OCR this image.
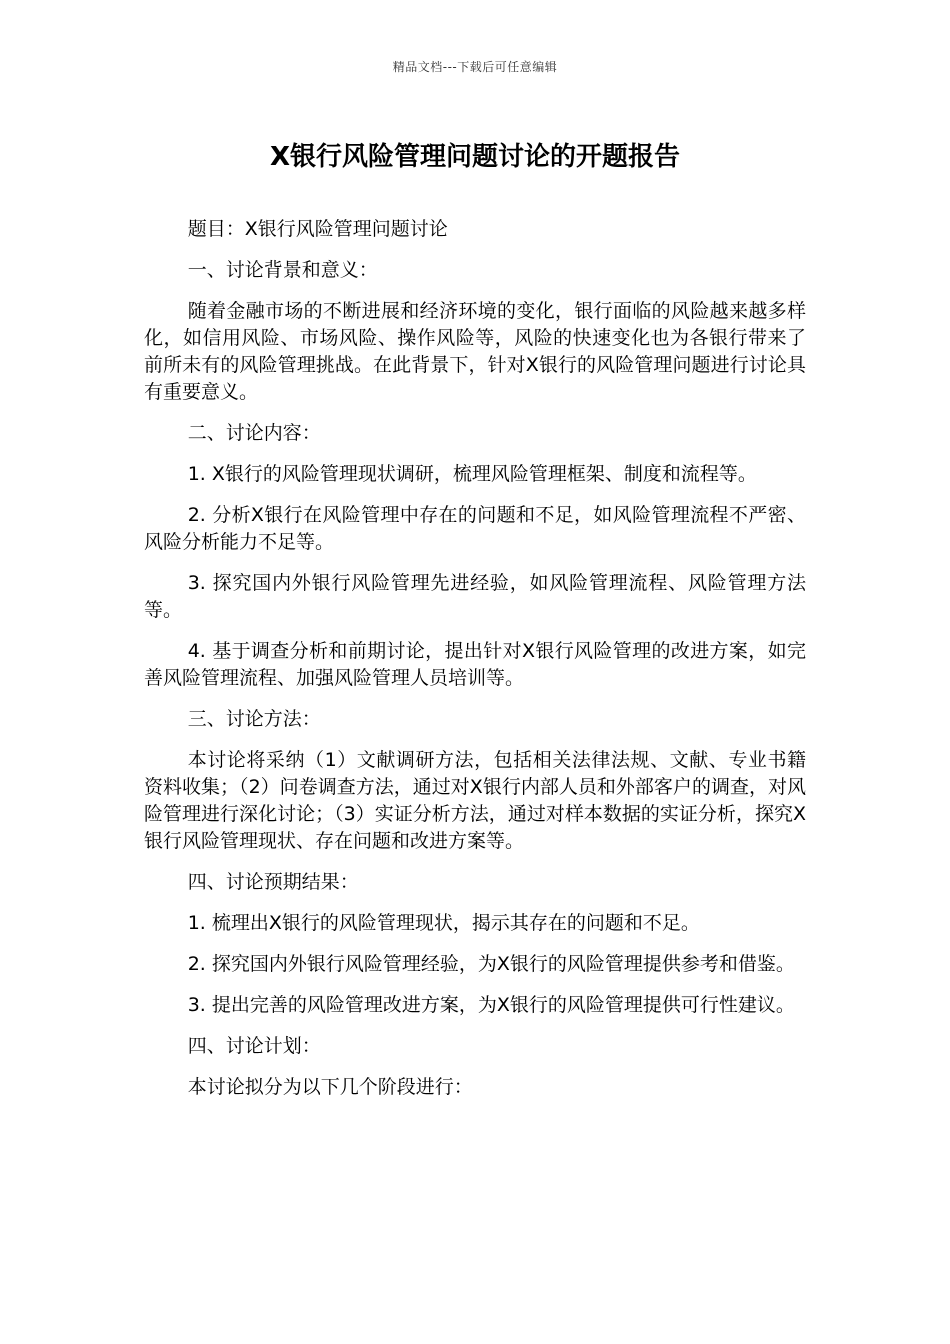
精品文档---下载后可任意编辑
X银行风险管理问题讨论的开题报告

题目：X银行风险管理问题讨论

一、讨论背景和意义：

随着金融市场的不断进展和经济环境的变化，银行面临的风险越来越多样化，如信用风险、市场风险、操作风险等，风险的快速变化也为各银行带来了前所未有的风险管理挑战。在此背景下，针对X银行的风险管理问题进行讨论具有重要意义。

二、讨论内容：

1. X银行的风险管理现状调研，梳理风险管理框架、制度和流程等。

2. 分析X银行在风险管理中存在的问题和不足，如风险管理流程不严密、风险分析能力不足等。

3. 探究国内外银行风险管理先进经验，如风险管理流程、风险管理方法等。

4. 基于调查分析和前期讨论，提出针对X银行风险管理的改进方案，如完善风险管理流程、加强风险管理人员培训等。

三、讨论方法：

本讨论将采纳（1）文献调研方法，包括相关法律法规、文献、专业书籍资料收集；（2）问卷调查方法，通过对X银行内部人员和外部客户的调查，对风险管理进行深化讨论；（3）实证分析方法，通过对样本数据的实证分析，探究X银行风险管理现状、存在问题和改进方案等。

四、讨论预期结果：

1. 梳理出X银行的风险管理现状，揭示其存在的问题和不足。

2. 探究国内外银行风险管理经验，为X银行的风险管理提供参考和借鉴。

3. 提出完善的风险管理改进方案，为X银行的风险管理提供可行性建议。

四、讨论计划：

本讨论拟分为以下几个阶段进行：
